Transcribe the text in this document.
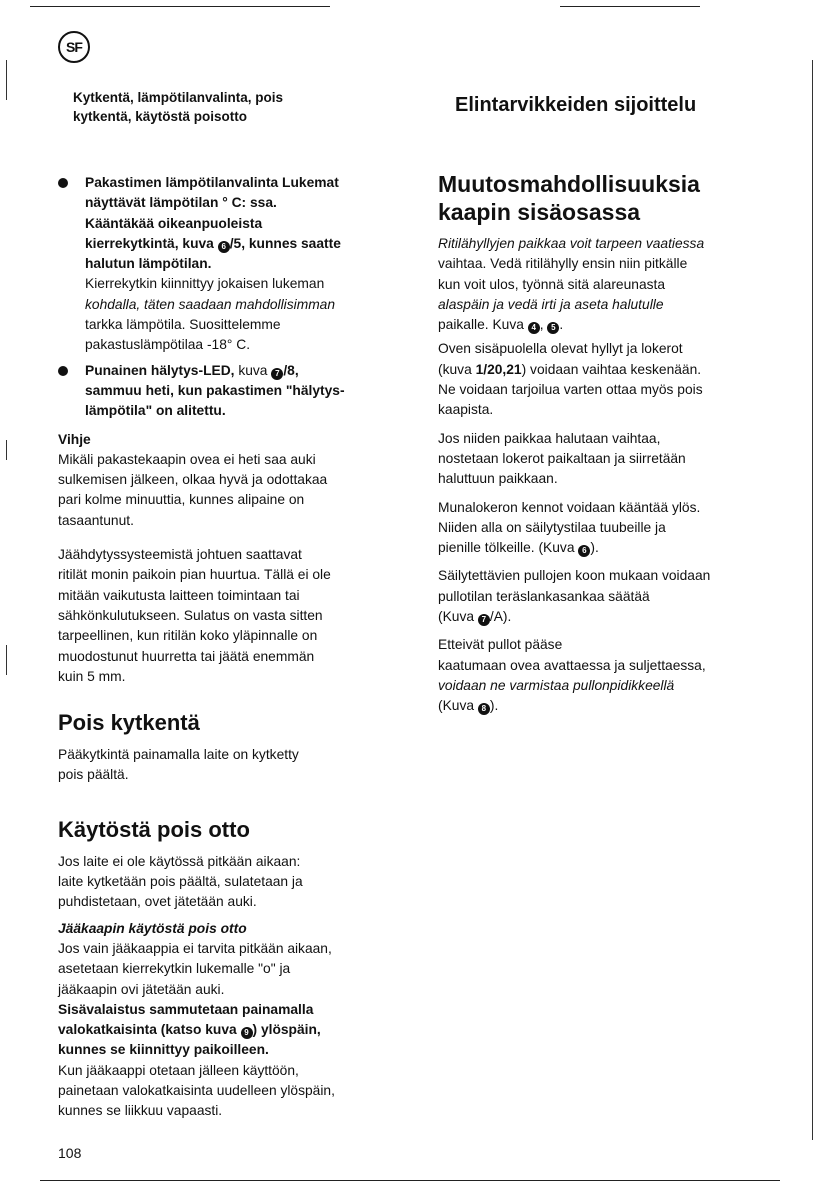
SF
Kytkentä, lämpötilanvalinta, pois
kytkentä, käytöstä poisotto
Elintarvikkeiden sijoittelu
Pakastimen lämpötilanvalinta Lukemat
näyttävät lämpötilan ° C: ssa.
Kääntäkää oikeanpuoleista
kierrekytkintä, kuva 6 /5, kunnes saatte
halutun lämpötilan.
Kierrekytkin kiinnittyy jokaisen lukeman
kohdalla, täten saadaan mahdollisimman
tarkka lämpötila. Suosittelemme
pakastuslämpötilaa -18° C.
Punainen hälytys-LED, kuva 7 /8,
sammuu heti, kun pakastimen "hälytys-
lämpötila" on alitettu.
Vihje
Mikäli pakastekaapin ovea ei heti saa auki
sulkemisen jälkeen, olkaa hyvä ja odottakaa
pari kolme minuuttia, kunnes alipaine on
tasaantunut.
Jäähdytyssysteemistä johtuen saattavat
ritilät monin paikoin pian huurtua. Tällä ei ole
mitään vaikutusta laitteen toimintaan tai
sähkönkulutukseen. Sulatus on vasta sitten
tarpeellinen, kun ritilän koko yläpinnalle on
muodostunut huurretta tai jäätä enemmän
kuin 5 mm.
Pois kytkentä
Pääkytkintä painamalla laite on kytketty
pois päältä.
Käytöstä pois otto
Jos laite ei ole käytössä pitkään aikaan:
laite kytketään pois päältä, sulatetaan ja
puhdistetaan, ovet jätetään auki.
Jääkaapin käytöstä pois otto
Jos vain jääkaappia ei tarvita pitkään aikaan,
asetetaan kierrekytkin lukemalle "o" ja
jääkaapin ovi jätetään auki.
Sisävalaistus sammutetaan painamalla
valokatkaisinta (katso kuva 9 ) ylöspäin,
kunnes se kiinnittyy paikoilleen.
Kun jääkaappi otetaan jälleen käyttöön,
painetaan valokatkaisinta uudelleen ylöspäin,
kunnes se liikkuu vapaasti.
Muutosmahdollisuuksia
kaapin sisäosassa
Ritilähyllyjen paikkaa voit tarpeen vaatiessa
vaihtaa. Vedä ritilähylly ensin niin pitkälle
kun voit ulos, työnnä sitä alareunasta
alaspäin ja vedä irti ja aseta halutulle
paikalle. Kuva 4 , 5 .
Oven sisäpuolella olevat hyllyt ja lokerot
(kuva 1/20,21) voidaan vaihtaa keskenään.
Ne voidaan tarjoilua varten ottaa myös pois
kaapista.
Jos niiden paikkaa halutaan vaihtaa,
nostetaan lokerot paikaltaan ja siirretään
haluttuun paikkaan.
Munalokeron kennot voidaan kääntää ylös.
Niiden alla on säilytystilaa tuubeille ja
pienille tölkeille. (Kuva 6 ).
Säilytettävien pullojen koon mukaan voidaan
pullotilan teräslankasankaa säätää
(Kuva 7 /A).
Etteivät pullot pääse
kaatumaan ovea avattaessa ja suljettaessa,
voidaan ne varmistaa pullonpidikkeellä
(Kuva 8 ).
108
